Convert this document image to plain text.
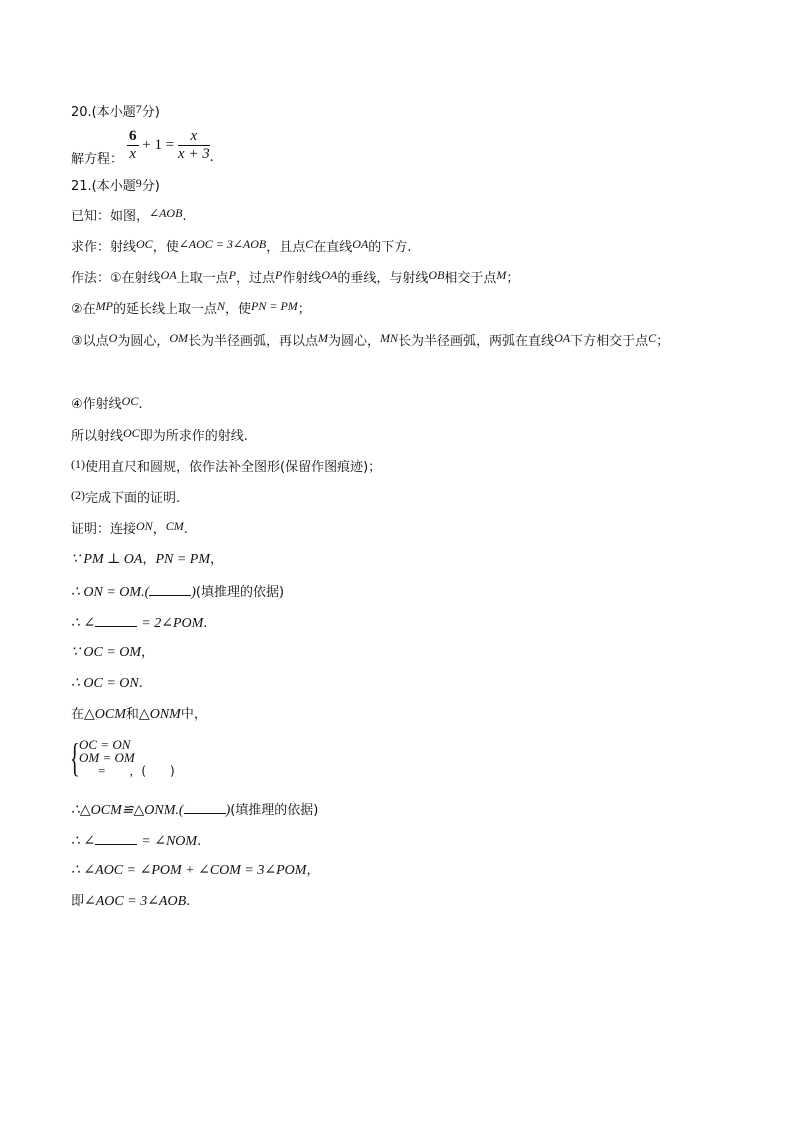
20.(本小题7分)
解方程： $\frac{6}{x} + 1 = \frac{x}{x + 3}$ .
21.(本小题9分)
已知：如图，∠AOB.
求作：射线OC，使∠AOC = 3∠AOB，且点C在直线OA的下方.
作法：①在射线OA上取一点P，过点P作射线OA的垂线，与射线OB相交于点M；
②在MP的延长线上取一点N，使PN = PM；
③以点O为圆心，OM长为半径画弧，再以点M为圆心，MN长为半径画弧，两弧在直线OA下方相交于点C；
④作射线OC.
所以射线OC即为所求作的射线.
(1)使用直尺和圆规，依作法补全图形(保留作图痕迹)；
(2)完成下面的证明.
证明：连接ON，CM.
∵ PM ⊥ OA，PN = PM，
∴ ON = OM.(	)(填推理的依据)
∴ ∠	= 2∠POM.
∵ OC = OM，
∴ OC = ON.
在△OCM和△ONM中，
{ OC = ON
OM = OM
= ，(　　)
∴△OCM≌△ONM.(	)(填推理的依据)
∴ ∠	= ∠NOM.
∴ ∠AOC = ∠POM + ∠COM = 3∠POM，
即∠AOC = 3∠AOB.
